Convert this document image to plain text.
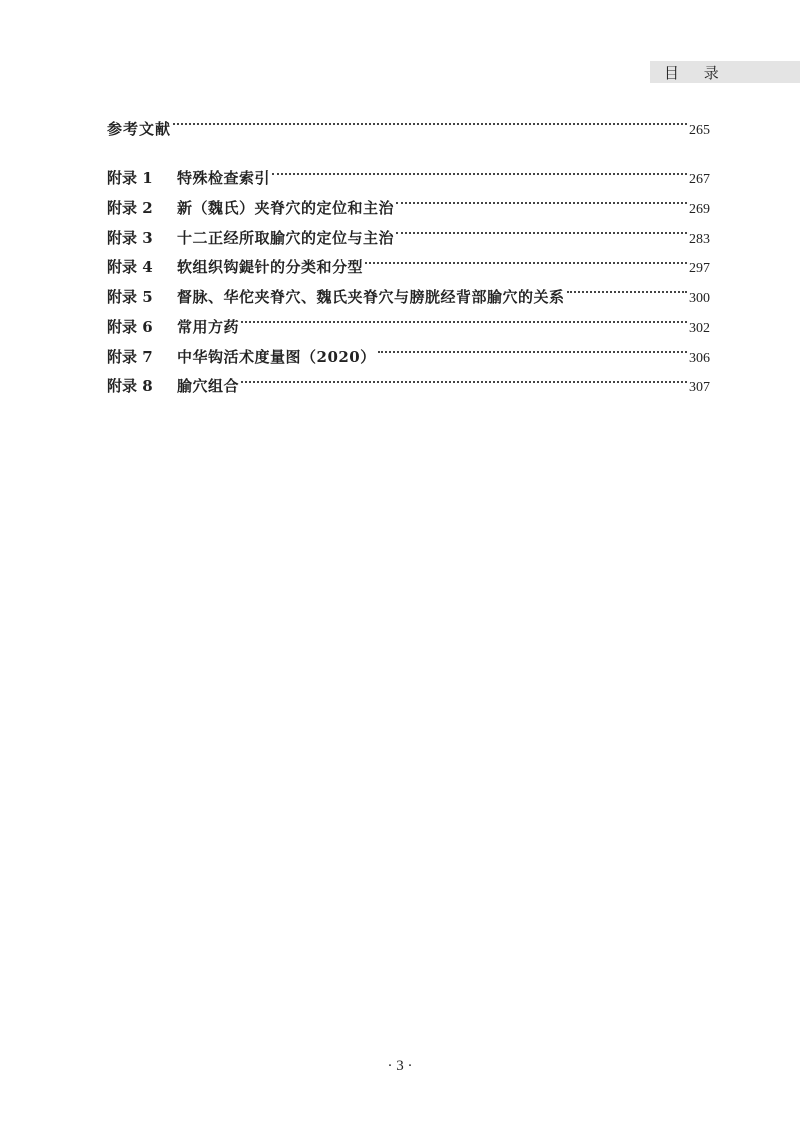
目 录
参考文献	265
附录 1 特殊检查索引	267
附录 2 新（魏氏）夹脊穴的定位和主治	269
附录 3 十二正经所取腧穴的定位与主治	283
附录 4 软组织钩鍉针的分类和分型	297
附录 5 督脉、华佗夹脊穴、魏氏夹脊穴与膀胱经背部腧穴的关系	300
附录 6 常用方药	302
附录 7 中华钩活术度量图（2020）	306
附录 8 腧穴组合	307
· 3 ·
